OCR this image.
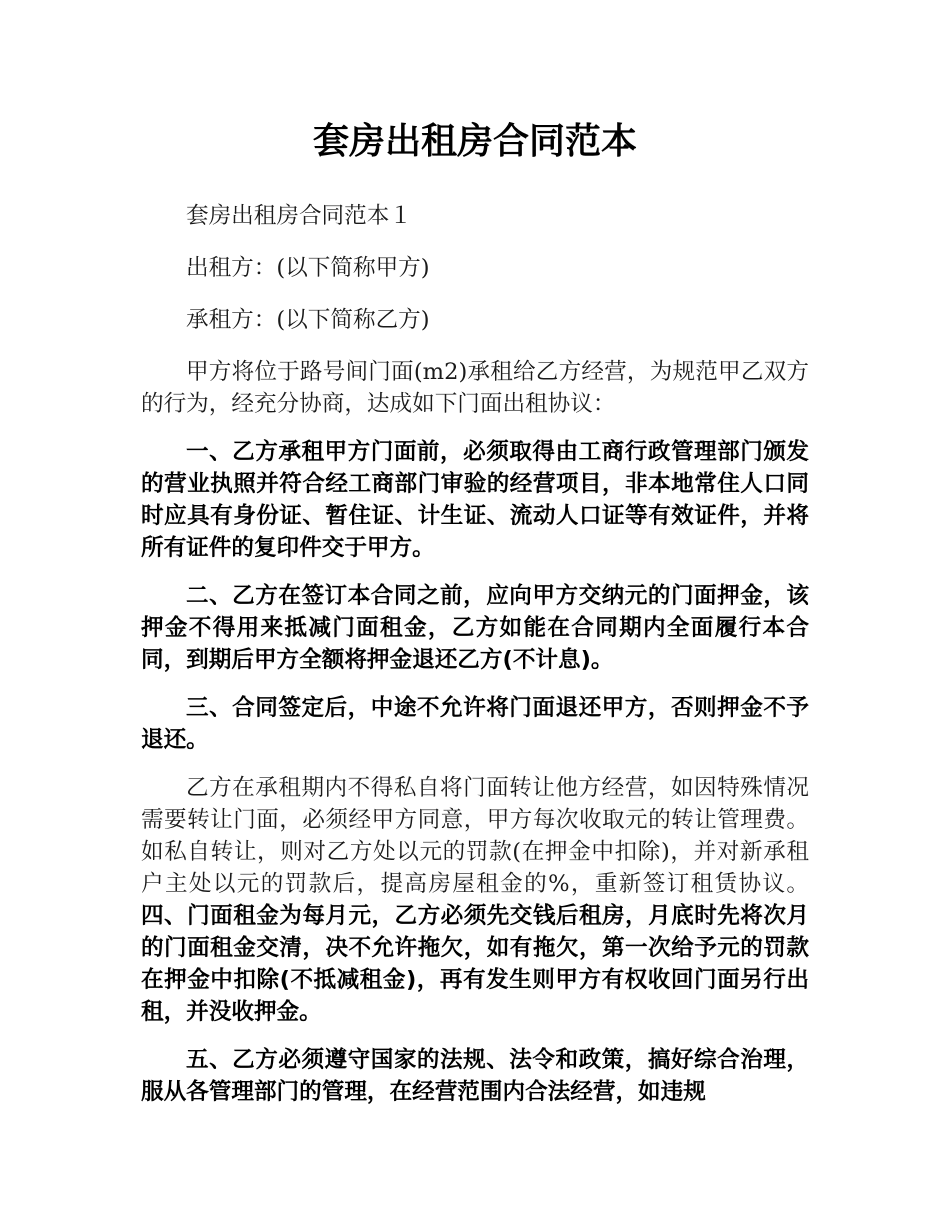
套房出租房合同范本

套房出租房合同范本１

出租方：(以下简称甲方)

承租方：(以下简称乙方)

甲方将位于路号间门面(m2)承租给乙方经营，为规范甲乙双方的行为，经充分协商，达成如下门面出租协议：

一、乙方承租甲方门面前，必须取得由工商行政管理部门颁发的营业执照并符合经工商部门审验的经营项目，非本地常住人口同时应具有身份证、暂住证、计生证、流动人口证等有效证件，并将所有证件的复印件交于甲方。

二、乙方在签订本合同之前，应向甲方交纳元的门面押金，该押金不得用来抵减门面租金，乙方如能在合同期内全面履行本合同，到期后甲方全额将押金退还乙方(不计息)。

三、合同签定后，中途不允许将门面退还甲方，否则押金不予退还。

乙方在承租期内不得私自将门面转让他方经营，如因特殊情况需要转让门面，必须经甲方同意，甲方每次收取元的转让管理费。如私自转让，则对乙方处以元的罚款(在押金中扣除)，并对新承租户主处以元的罚款后，提高房屋租金的%，重新签订租赁协议。四、门面租金为每月元，乙方必须先交钱后租房，月底时先将次月的门面租金交清，决不允许拖欠，如有拖欠，第一次给予元的罚款在押金中扣除(不抵减租金)，再有发生则甲方有权收回门面另行出租，并没收押金。

五、乙方必须遵守国家的法规、法令和政策，搞好综合治理，服从各管理部门的管理，在经营范围内合法经营，如违规
